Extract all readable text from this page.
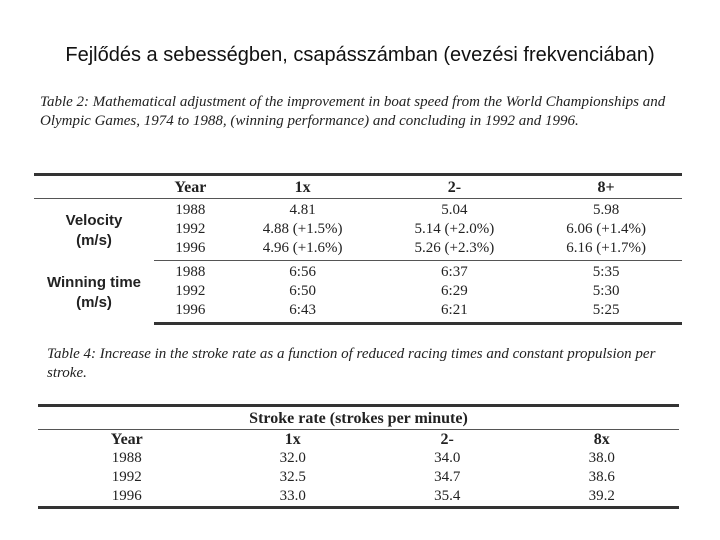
Fejlődés a sebességben, csapásszámban (evezési frekvenciában)
Table 2: Mathematical adjustment of the improvement in boat speed from the World Championships and Olympic Games, 1974 to 1988, (winning performance) and concluding in 1992 and 1996.
	Year	1x	2-	8+
Velocity
(m/s)	1988	4.81	5.04	5.98
	1992	4.88 (+1.5%)	5.14 (+2.0%)	6.06 (+1.4%)
	1996	4.96 (+1.6%)	5.26 (+2.3%)	6.16 (+1.7%)
Winning time
(m/s)	1988	6:56	6:37	5:35
	1992	6:50	6:29	5:30
	1996	6:43	6:21	5:25
Table 4: Increase in the stroke rate as a function of reduced racing times and constant propulsion per stroke.
Stroke rate (strokes per minute)			
Year	1x	2-	8x
1988	32.0	34.0	38.0
1992	32.5	34.7	38.6
1996	33.0	35.4	39.2
